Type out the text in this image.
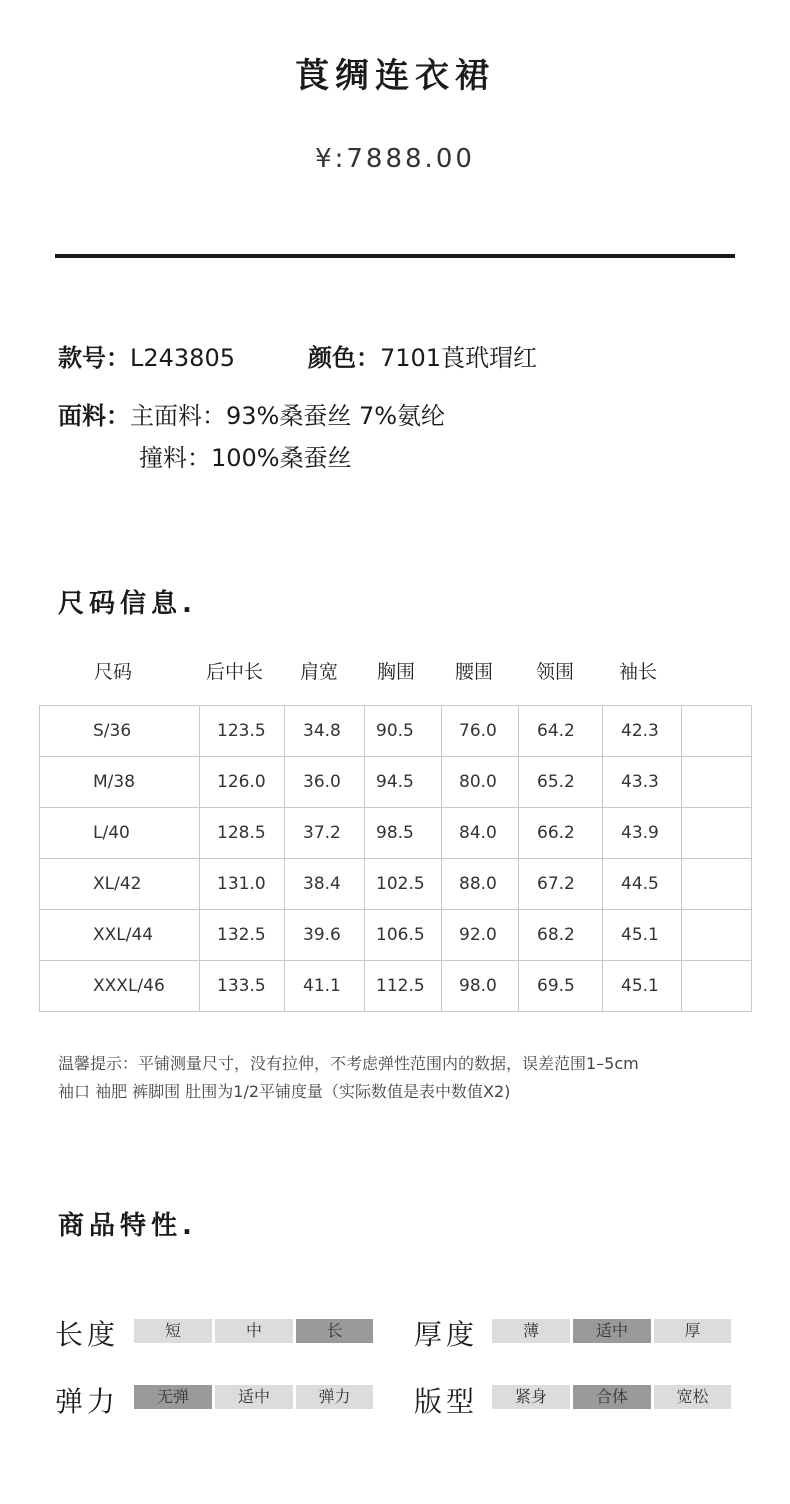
莨绸连衣裙
¥:7888.00
款号：L243805	颜色：7101莨玳瑁红
面料：主面料：93%桑蚕丝 7%氨纶
撞料：100%桑蚕丝
尺码信息.
尺码	后中长 肩宽 胸围 腰围 领围 袖长
S/36	123.5	34.8	90.5	76.0	64.2	42.3	
M/38	126.0	36.0	94.5	80.0	65.2	43.3	
L/40	128.5	37.2	98.5	84.0	66.2	43.9	
XL/42	131.0	38.4	102.5	88.0	67.2	44.5	
XXL/44	132.5	39.6	106.5	92.0	68.2	45.1	
XXXL/46	133.5	41.1	112.5	98.0	69.5	45.1	
温馨提示：平铺测量尺寸，没有拉伸，不考虑弹性范围内的数据，误差范围1–5cm
袖口 袖肥 裤脚围 肚围为1/2平铺度量（实际数值是表中数值X2)
商品特性.
长度	短	中	长	厚度	薄	适中	厚
弹力	无弹	适中	弹力	版型	紧身	合体	宽松
